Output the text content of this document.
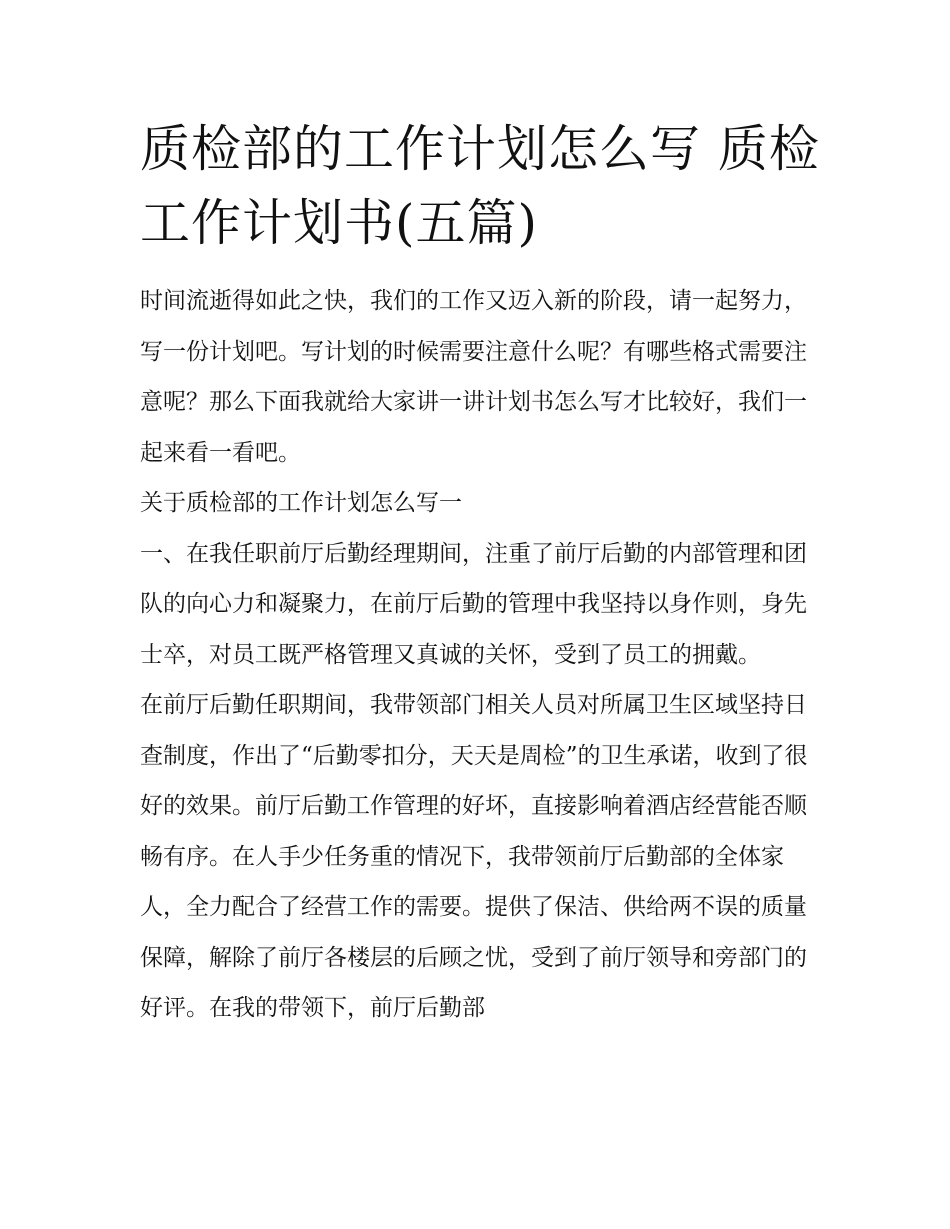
质检部的工作计划怎么写 质检工作计划书(五篇)

时间流逝得如此之快，我们的工作又迈入新的阶段，请一起努力，写一份计划吧。写计划的时候需要注意什么呢？有哪些格式需要注意呢？那么下面我就给大家讲一讲计划书怎么写才比较好，我们一起来看一看吧。

关于质检部的工作计划怎么写一

一、在我任职前厅后勤经理期间，注重了前厅后勤的内部管理和团队的向心力和凝聚力，在前厅后勤的管理中我坚持以身作则，身先士卒，对员工既严格管理又真诚的关怀，受到了员工的拥戴。

在前厅后勤任职期间，我带领部门相关人员对所属卫生区域坚持日查制度，作出了“后勤零扣分，天天是周检”的卫生承诺，收到了很好的效果。前厅后勤工作管理的好坏，直接影响着酒店经营能否顺畅有序。在人手少任务重的情况下，我带领前厅后勤部的全体家人，全力配合了经营工作的需要。提供了保洁、供给两不误的质量保障，解除了前厅各楼层的后顾之忧，受到了前厅领导和旁部门的好评。在我的带领下，前厅后勤部
